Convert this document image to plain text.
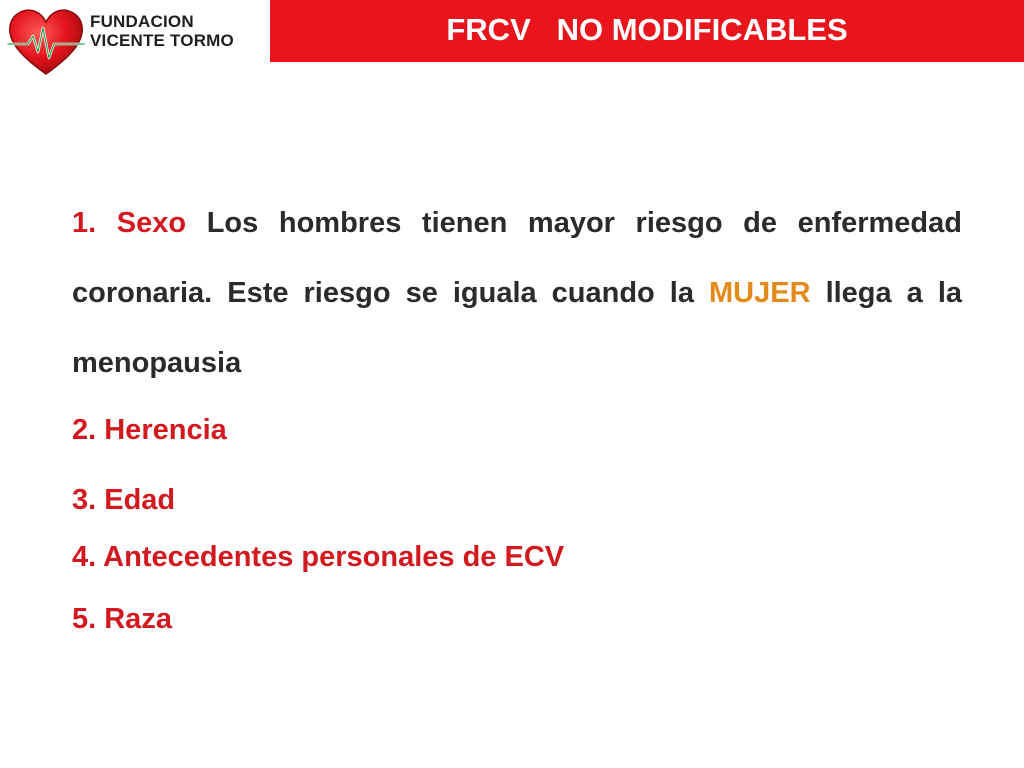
FUNDACION
VICENTE TORMO	FRCV   NO MODIFICABLES

1. Sexo Los hombres tienen mayor riesgo de enfermedad coronaria. Este riesgo se iguala cuando la MUJER llega a la menopausia

2. Herencia

3. Edad

4. Antecedentes personales de ECV

5. Raza
